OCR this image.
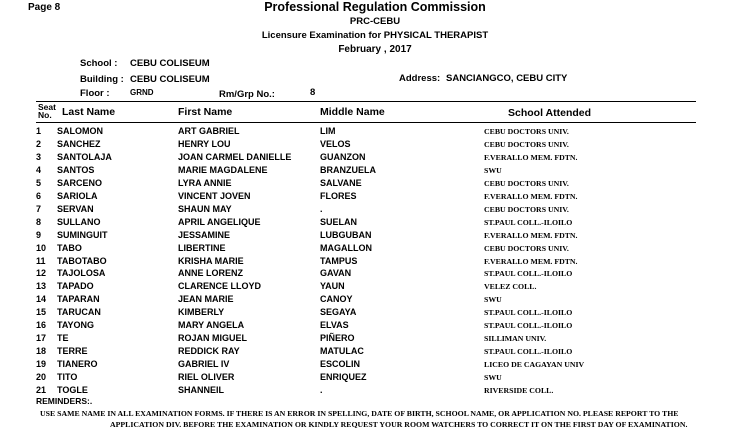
Page 8	Professional Regulation Commission
PRC-CEBU
Licensure Examination for PHYSICAL THERAPIST
February , 2017
School : CEBU COLISEUM
Building : CEBU COLISEUM
Floor :	GRND	Rm/Grp No.:	8
Address: SANCIANGCO, CEBU CITY
Seat
No. Last Name	First Name	Middle Name	School Attended
1 SALOMON	ART GABRIEL	LIM	CEBU DOCTORS UNIV.
2 SANCHEZ	HENRY LOU	VELOS	CEBU DOCTORS UNIV.
3 SANTOLAJA	JOAN CARMEL DANIELLE	GUANZON	F.VERALLO MEM. FDTN.
4 SANTOS	MARIE MAGDALENE	BRANZUELA	SWU
5 SARCENO	LYRA ANNIE	SALVANE	CEBU DOCTORS UNIV.
6 SARIOLA	VINCENT JOVEN	FLORES	F.VERALLO MEM. FDTN.
7 SERVAN	SHAUN MAY	.	CEBU DOCTORS UNIV.
8 SULLANO	APRIL ANGELIQUE	SUELAN	ST.PAUL COLL.-ILOILO
9 SUMINGUIT	JESSAMINE	LUBGUBAN	F.VERALLO MEM. FDTN.
10 TABO	LIBERTINE	MAGALLON	CEBU DOCTORS UNIV.
11 TABOTABO	KRISHA MARIE	TAMPUS	F.VERALLO MEM. FDTN.
12 TAJOLOSA	ANNE LORENZ	GAVAN	ST.PAUL COLL.-ILOILO
13 TAPADO	CLARENCE LLOYD	YAUN	VELEZ COLL.
14 TAPARAN	JEAN MARIE	CANOY	SWU
15 TARUCAN	KIMBERLY	SEGAYA	ST.PAUL COLL.-ILOILO
16 TAYONG	MARY ANGELA	ELVAS	ST.PAUL COLL.-ILOILO
17 TE	ROJAN MIGUEL	PIÑERO	SILLIMAN UNIV.
18 TERRE	REDDICK RAY	MATULAC	ST.PAUL COLL.-ILOILO
19 TIANERO	GABRIEL IV	ESCOLIN	LICEO DE CAGAYAN UNIV
20 TITO	RIEL OLIVER	ENRIQUEZ	SWU
21 TOGLE	SHANNEIL	.	RIVERSIDE COLL.
REMINDERS:.
USE SAME NAME IN ALL EXAMINATION FORMS. IF THERE IS AN ERROR IN SPELLING, DATE OF BIRTH, SCHOOL NAME, OR APPLICATION NO. PLEASE REPORT TO THE
APPLICATION DIV. BEFORE THE EXAMINATION OR KINDLY REQUEST YOUR ROOM WATCHERS TO CORRECT IT ON THE FIRST DAY OF EXAMINATION.
